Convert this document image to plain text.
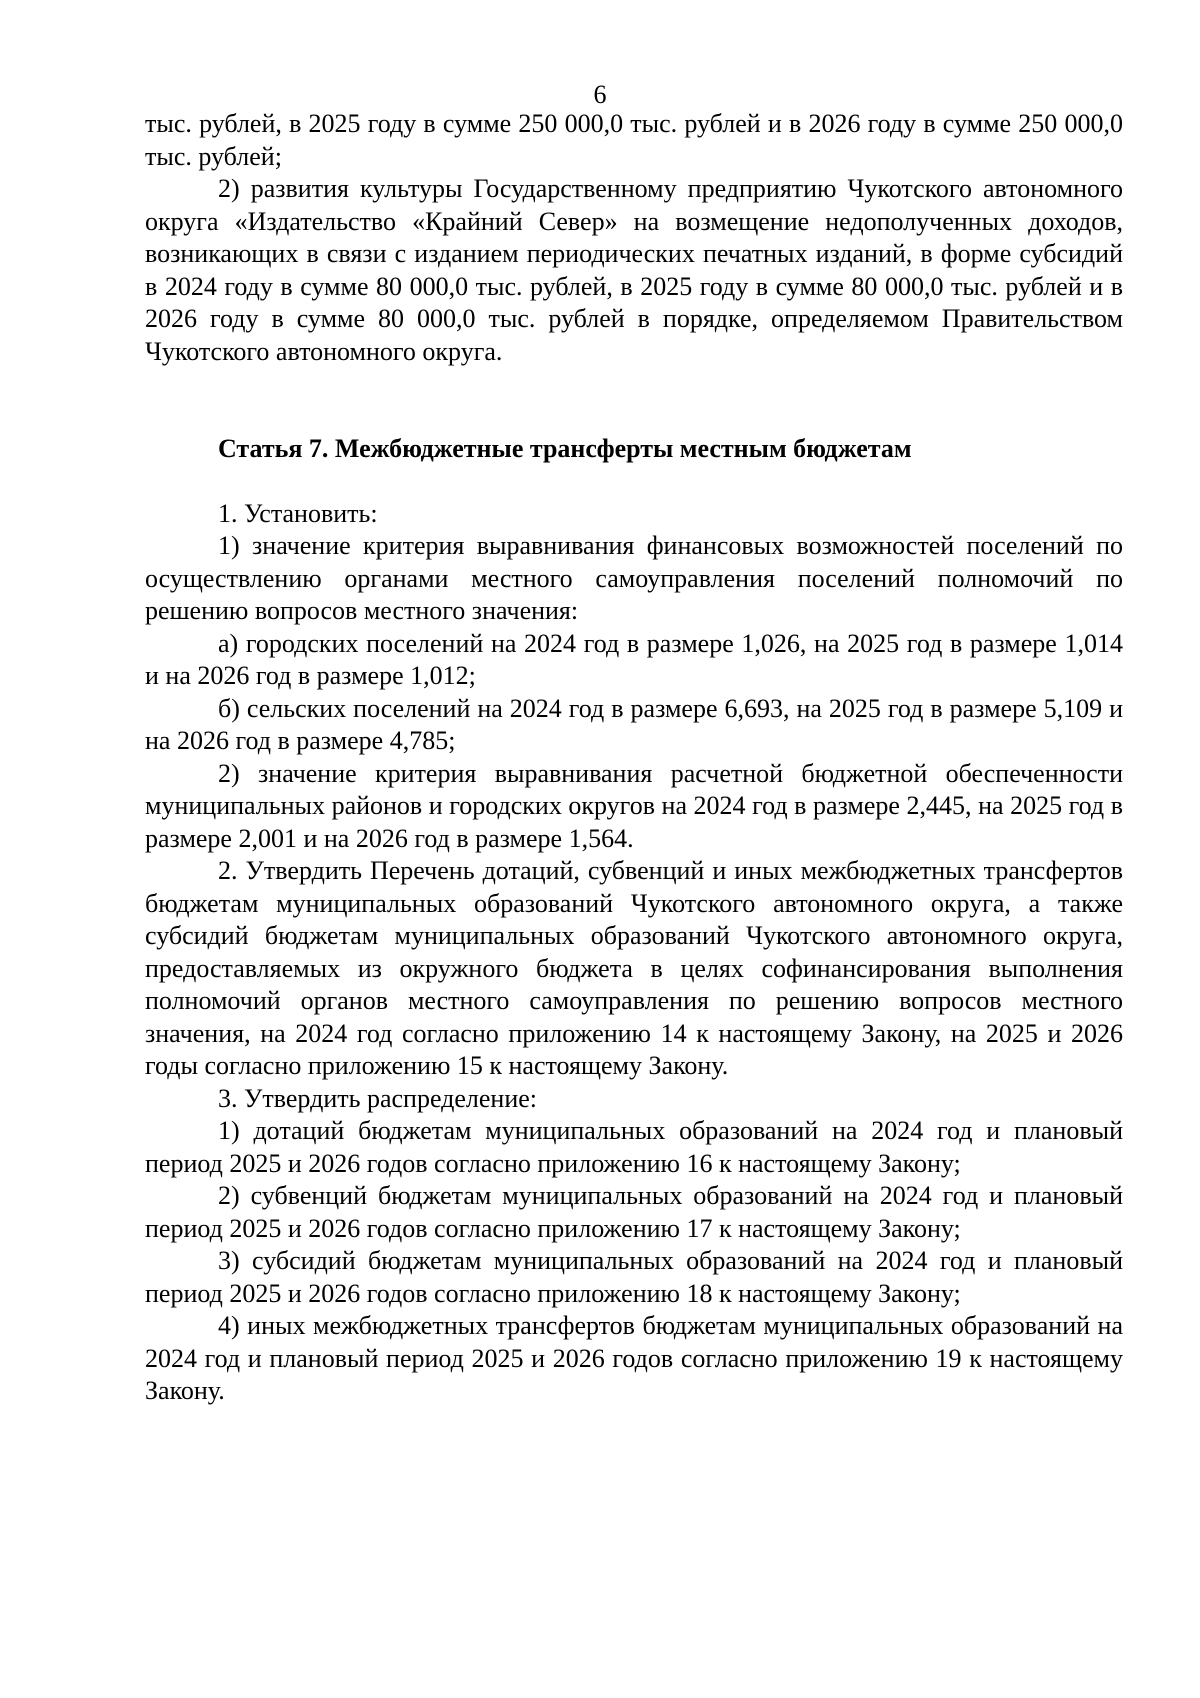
6

тыс. рублей, в 2025 году в сумме 250 000,0 тыс. рублей и в 2026 году в сумме 250 000,0 тыс. рублей;

2) развития культуры Государственному предприятию Чукотского автономного округа «Издательство «Крайний Север» на возмещение недополученных доходов, возникающих в связи с изданием периодических печатных изданий, в форме субсидий в 2024 году в сумме 80 000,0 тыс. рублей, в 2025 году в сумме 80 000,0 тыс. рублей и в 2026 году в сумме 80 000,0 тыс. рублей в порядке, определяемом Правительством Чукотского автономного округа.

Статья 7. Межбюджетные трансферты местным бюджетам

1. Установить:

1) значение критерия выравнивания финансовых возможностей поселений по осуществлению органами местного самоуправления поселений полномочий по решению вопросов местного значения:

а) городских поселений на 2024 год в размере 1,026, на 2025 год в размере 1,014 и на 2026 год в размере 1,012;

б) сельских поселений на 2024 год в размере 6,693, на 2025 год в размере 5,109 и на 2026 год в размере 4,785;

2) значение критерия выравнивания расчетной бюджетной обеспеченности муниципальных районов и городских округов на 2024 год в размере 2,445, на 2025 год в размере 2,001 и на 2026 год в размере 1,564.

2. Утвердить Перечень дотаций, субвенций и иных межбюджетных трансфертов бюджетам муниципальных образований Чукотского автономного округа, а также субсидий бюджетам муниципальных образований Чукотского автономного округа, предоставляемых из окружного бюджета в целях софинансирования выполнения полномочий органов местного самоуправления по решению вопросов местного значения, на 2024 год согласно приложению 14 к настоящему Закону, на 2025 и 2026 годы согласно приложению 15 к настоящему Закону.

3. Утвердить распределение:

1) дотаций бюджетам муниципальных образований на 2024 год и плановый период 2025 и 2026 годов согласно приложению 16 к настоящему Закону;

2) субвенций бюджетам муниципальных образований на 2024 год и плановый период 2025 и 2026 годов согласно приложению 17 к настоящему Закону;

3) субсидий бюджетам муниципальных образований на 2024 год и плановый период 2025 и 2026 годов согласно приложению 18 к настоящему Закону;

4) иных межбюджетных трансфертов бюджетам муниципальных образований на 2024 год и плановый период 2025 и 2026 годов согласно приложению 19 к настоящему Закону.
